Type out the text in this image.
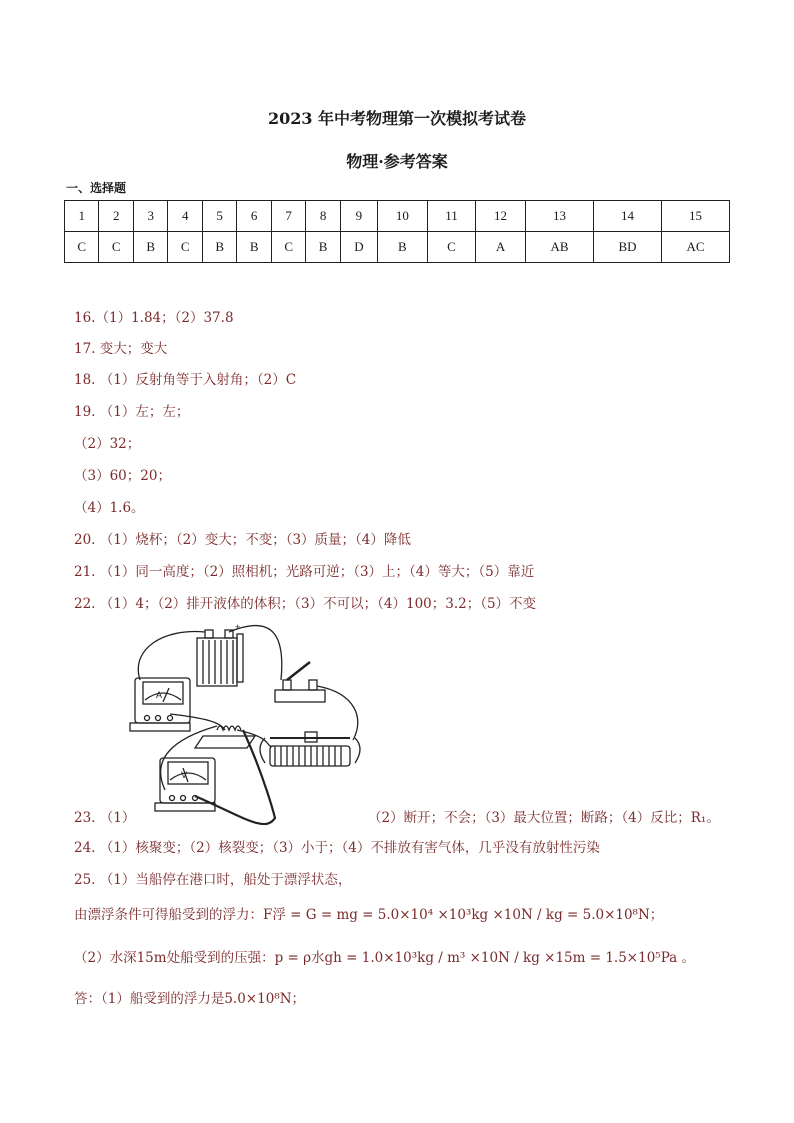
2023 年中考物理第一次模拟考试卷
物理·参考答案
一、选择题
1	2	3	4	5	6	7	8	9	10	11	12	13	14	15
C	C	B	C	B	B	C	B	D	B	C	A	AB	BD	AC
16.（1）1.84；（2）37.8
17. 变大；变大
18. （1）反射角等于入射角；（2）C
19. （1）左；左；
（2）32；
（3）60；20；
（4）1.6。
20. （1）烧杯；（2）变大；不变；（3）质量；（4）降低
21. （1）同一高度；（2）照相机；光路可逆；（3）上；（4）等大；（5）靠近
22. （1）4；（2）排开液体的体积；（3）不可以；（4）100；3.2；（5）不变
A
V
+
23. （1）	（2）断开；不会；（3）最大位置；断路；（4）反比；R₁。
24. （1）核聚变；（2）核裂变；（3）小于；（4）不排放有害气体，几乎没有放射性污染
25. （1）当船停在港口时，船处于漂浮状态，
由漂浮条件可得船受到的浮力：F浮 = G = mg = 5.0×10⁴ ×10³kg ×10N / kg = 5.0×10⁸N；
（2）水深15m处船受到的压强：p = ρ水gh = 1.0×10³kg / m³ ×10N / kg ×15m = 1.5×10⁵Pa 。
答：（1）船受到的浮力是5.0×10⁸N；
